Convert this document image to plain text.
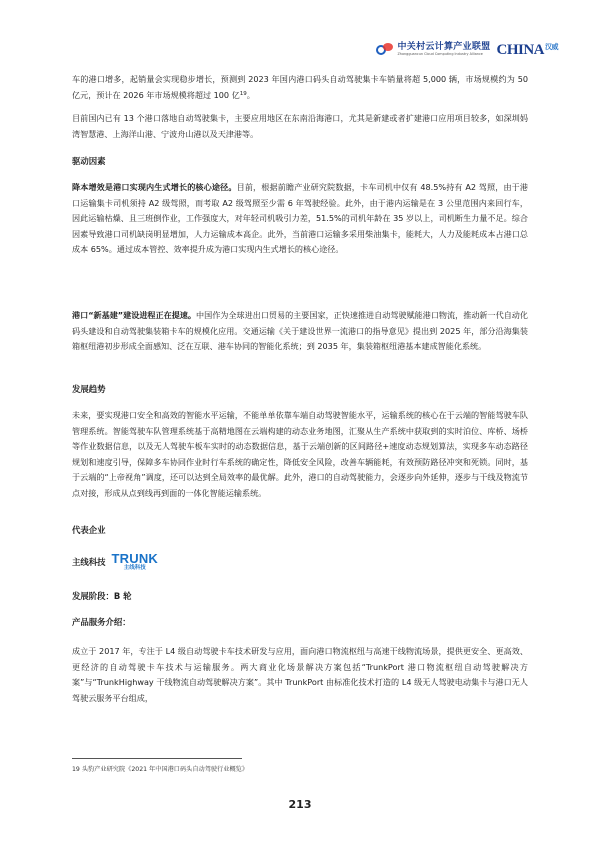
中关村云计算产业联盟
Zhongguancun Cloud Computing Industry Alliance $CHINA^{汉威}$

车的港口增多，起销量会实现稳步增长，预测到 2023 年国内港口码头自动驾驶集卡车销量将超 5,000 辆，市场规模约为 50 亿元，预计在 2026 年市场规模将超过 100 亿$^{19}$。

目前国内已有 13 个港口落地自动驾驶集卡，主要应用地区在东南沿海港口，尤其是新建或者扩建港口应用项目较多，如深圳妈湾智慧港、上海洋山港、宁波舟山港以及天津港等。

驱动因素

降本增效是港口实现内生式增长的核心途径。目前，根据前瞻产业研究院数据，卡车司机中仅有 48.5%持有 A2 驾照，由于港口运输集卡司机须持 A2 级驾照，而考取 A2 级驾照至少需 6 年驾驶经验。此外，由于港内运输是在 3 公里范围内来回行车，因此运输枯燥、且三班倒作业，工作强度大，对年轻司机吸引力差，51.5%的司机年龄在 35 岁以上，司机断生力量不足。综合因素导致港口司机缺岗明显增加，人力运输成本高企。此外，当前港口运输多采用柴油集卡，能耗大，人力及能耗成本占港口总成本 65%。通过成本管控、效率提升成为港口实现内生式增长的核心途径。

港口“新基建”建设进程正在提速。中国作为全球进出口贸易的主要国家，正快速推进自动驾驶赋能港口物流，推动新一代自动化码头建设和自动驾驶集装箱卡车的规模化应用。交通运输《关于建设世界一流港口的指导意见》提出到 2025 年，部分沿海集装箱枢纽港初步形成全面感知、泛在互联、港车协同的智能化系统；到 2035 年，集装箱枢纽港基本建成智能化系统。

发展趋势

未来，要实现港口安全和高效的智能水平运输，不能单单依靠车端自动驾驶智能水平，运输系统的核心在于云端的智能驾驶车队管理系统。智能驾驶车队管理系统基于高精地图在云端构建的动态业务地图，汇聚从生产系统中获取到的实时泊位、库桥、场桥等作业数据信息，以及无人驾驶车板车实时的动态数据信息，基于云端创新的区间路径+速度动态规划算法，实现多车动态路径规划和速度引导，保障多车协同作业时行车系统的确定性，降低安全风险，改善车辆能耗，有效预防路径冲突和死锁。同时，基于云端的“上帝视角”调度，还可以达到全局效率的最优解。此外，港口的自动驾驶能力，会逐步向外延伸，逐步与干线及物流节点对接，形成从点到线再到面的一体化智能运输系统。

代表企业

主线科技 TRUNK
主线科技

发展阶段：B 轮

产品服务介绍：

成立于 2017 年，专注于 L4 级自动驾驶卡车技术研发与应用，面向港口物流枢纽与高速干线物流场景，提供更安全、更高效、更经济的自动驾驶卡车技术与运输服务。两大商业化场景解决方案包括“TrunkPort 港口物流枢纽自动驾驶解决方案”与“TrunkHighway 干线物流自动驾驶解决方案”。其中 TrunkPort 由标准化技术打造的 L4 级无人驾驶电动集卡与港口无人驾驶云服务平台组成，

19 头豹产业研究院《2021 年中国港口码头自动驾驶行业概览》
213
